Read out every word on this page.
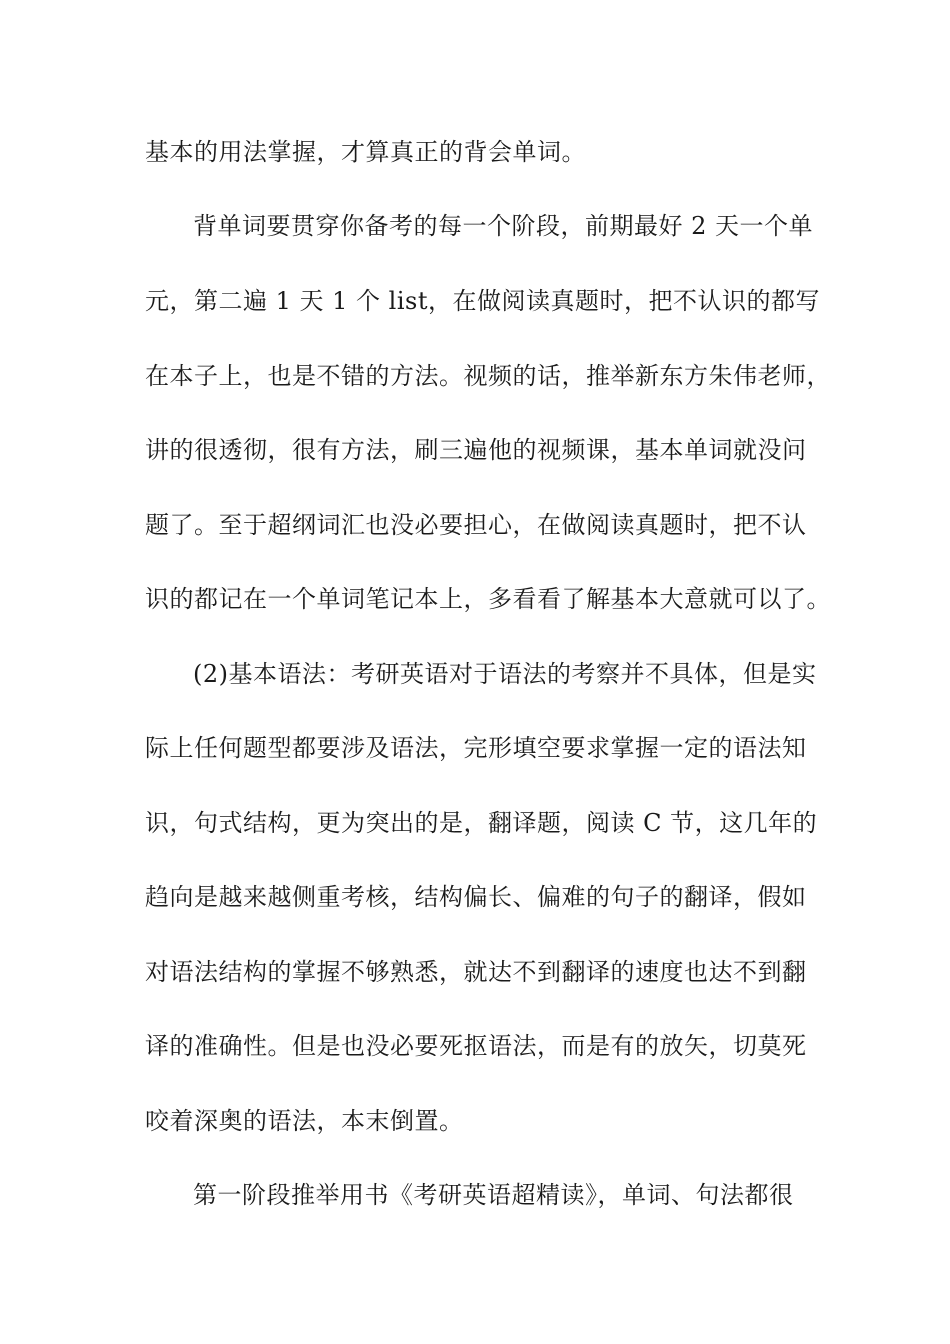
基本的用法掌握，才算真正的背会单词。
背单词要贯穿你备考的每一个阶段，前期最好 2 天一个单
元，第二遍 1 天 1 个 list，在做阅读真题时，把不认识的都写
在本子上，也是不错的方法。视频的话，推举新东方朱伟老师，
讲的很透彻，很有方法，刷三遍他的视频课，基本单词就没问
题了。至于超纲词汇也没必要担心，在做阅读真题时，把不认
识的都记在一个单词笔记本上，多看看了解基本大意就可以了。
(2)基本语法：考研英语对于语法的考察并不具体，但是实
际上任何题型都要涉及语法，完形填空要求掌握一定的语法知
识，句式结构，更为突出的是，翻译题，阅读 C 节，这几年的
趋向是越来越侧重考核，结构偏长、偏难的句子的翻译，假如
对语法结构的掌握不够熟悉，就达不到翻译的速度也达不到翻
译的准确性。但是也没必要死抠语法，而是有的放矢，切莫死
咬着深奥的语法，本末倒置。
第一阶段推举用书《考研英语超精读》，单词、句法都很
